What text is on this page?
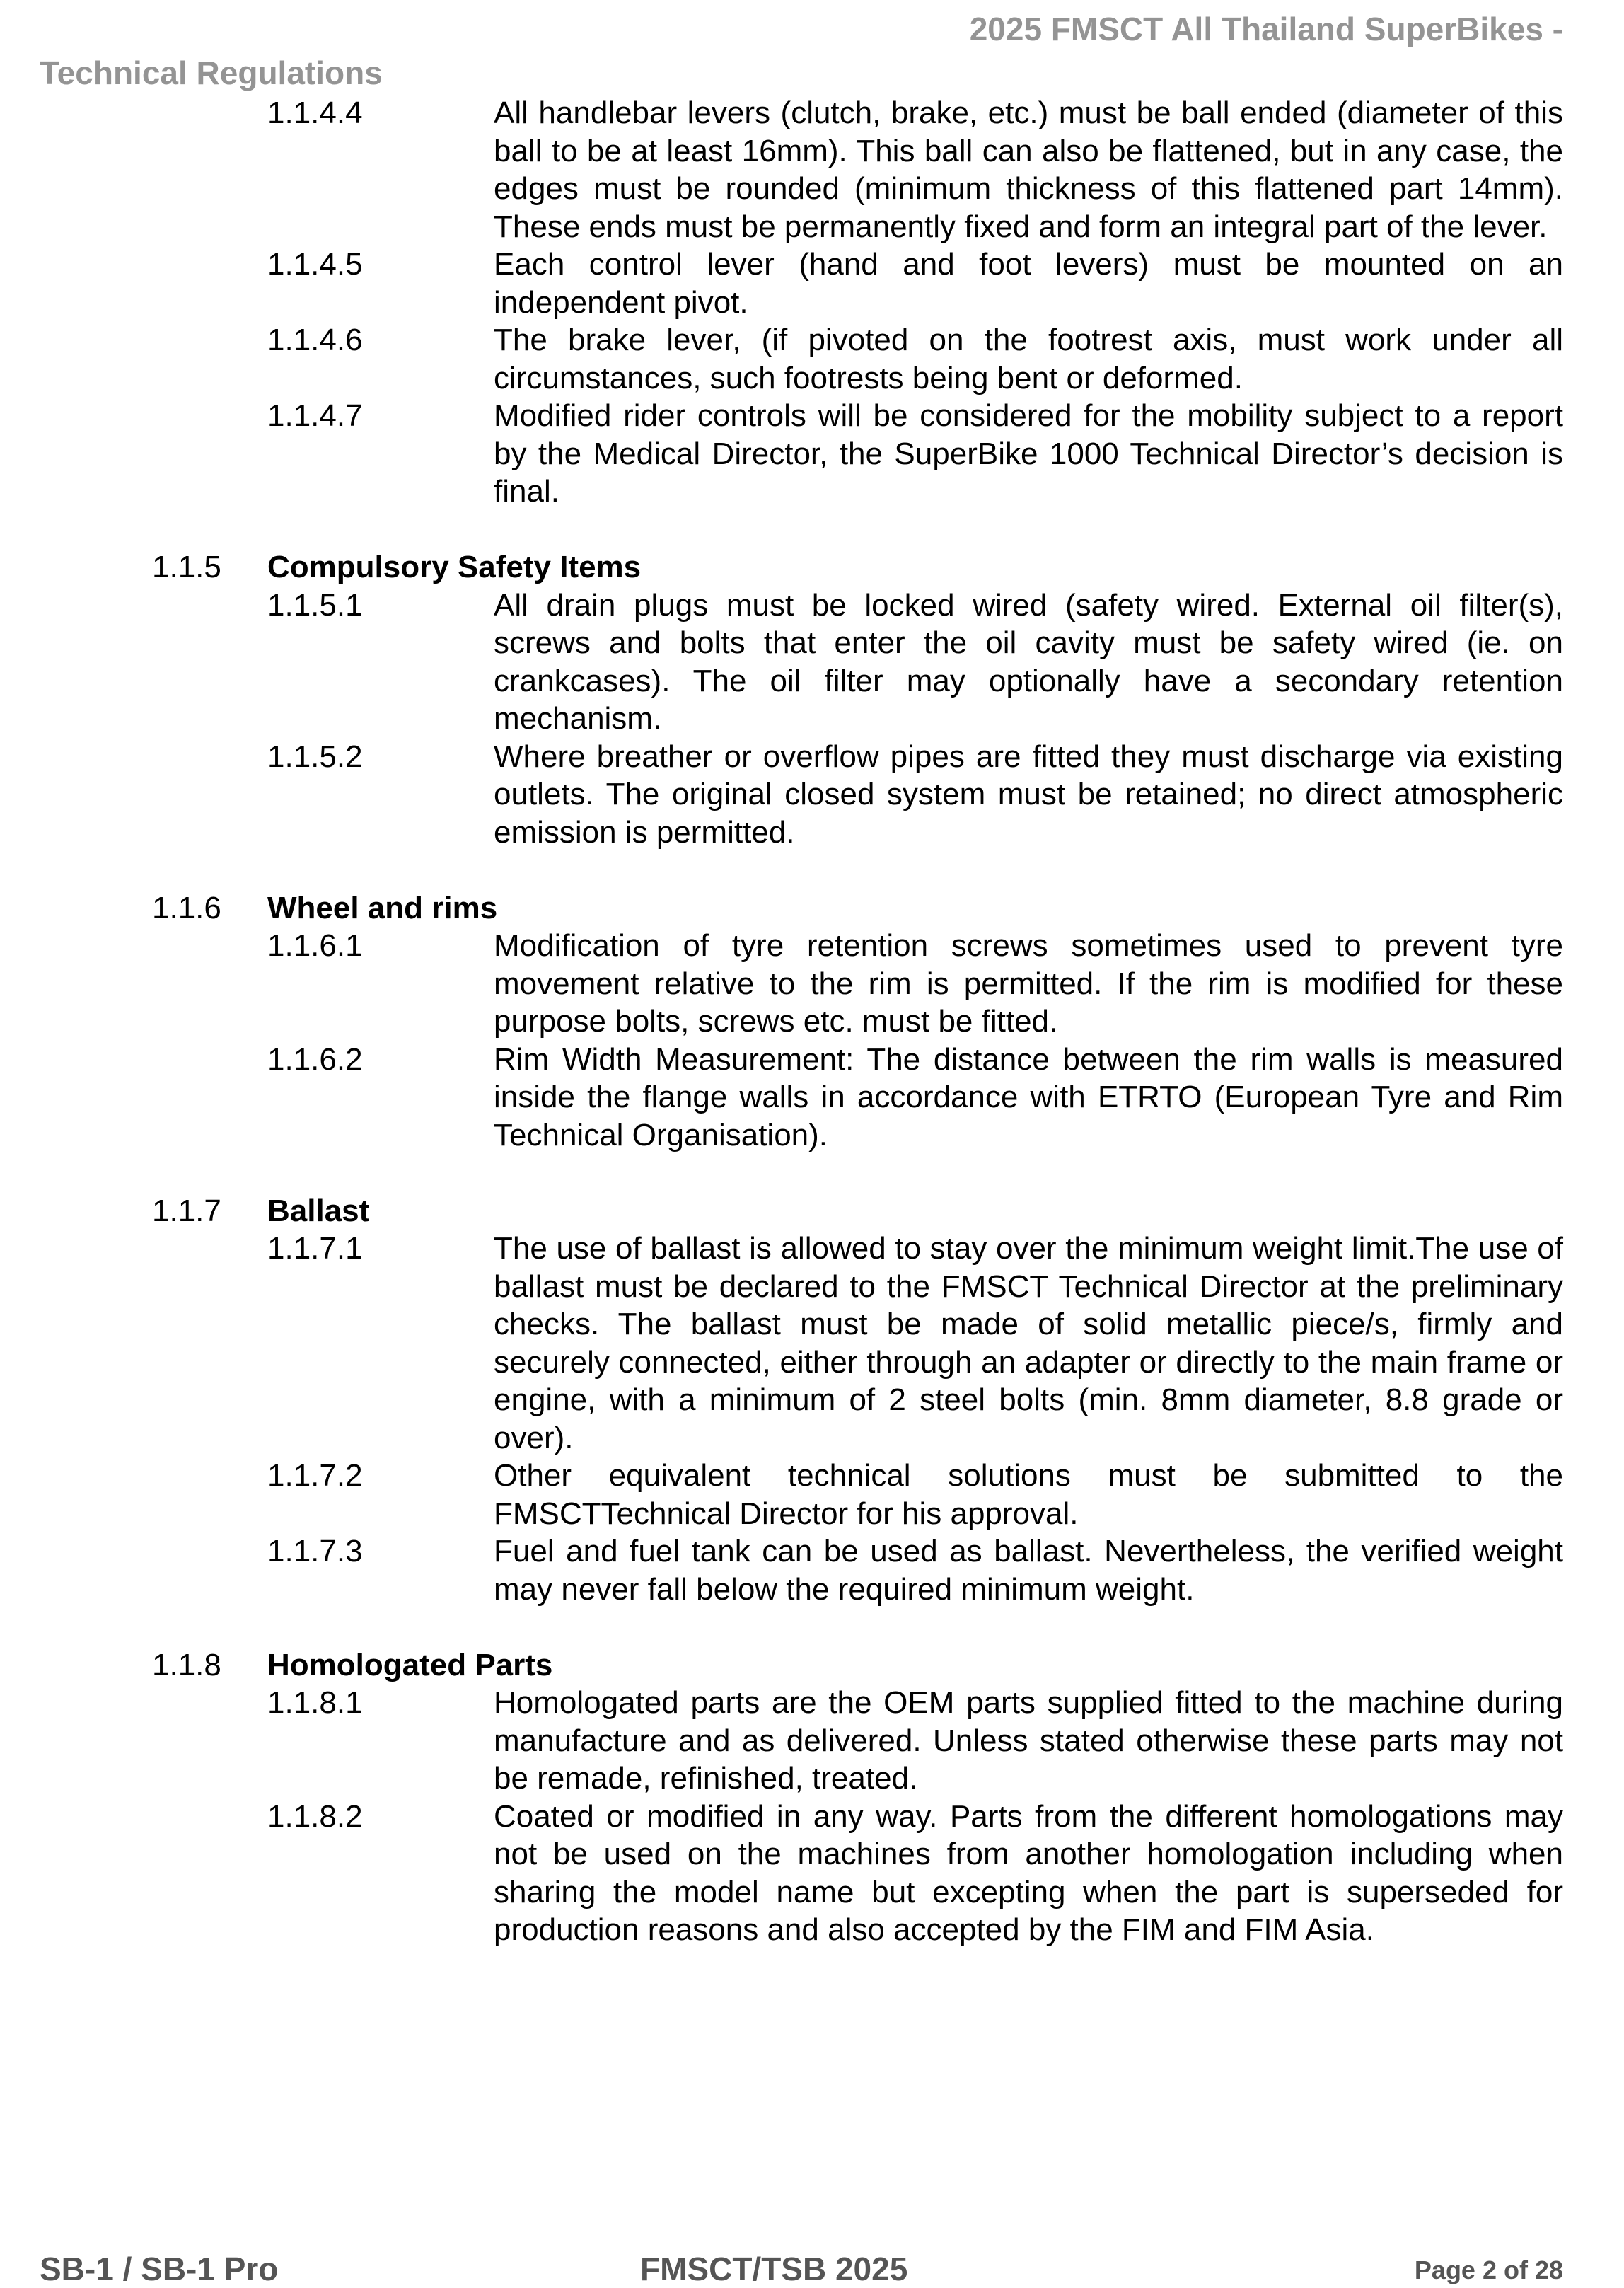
2025 FMSCT All Thailand SuperBikes -
Technical Regulations
1.1.4.4	All handlebar levers (clutch, brake, etc.) must be ball ended (diameter of this ball to be at least 16mm). This ball can also be flattened, but in any case, the edges must be rounded (minimum thickness of this flattened part 14mm). These ends must be permanently fixed and form an integral part of the lever.
1.1.4.5	Each control lever (hand and foot levers) must be mounted on an independent pivot.
1.1.4.6	The brake lever, (if pivoted on the footrest axis, must work under all circumstances, such footrests being bent or deformed.
1.1.4.7	Modified rider controls will be considered for the mobility subject to a report by the Medical Director, the SuperBike 1000 Technical Director’s decision is final.
1.1.5	Compulsory Safety Items
1.1.5.1	All drain plugs must be locked wired (safety wired. External oil filter(s), screws and bolts that enter the oil cavity must be safety wired (ie. on crankcases). The oil filter may optionally have a secondary retention mechanism.
1.1.5.2	Where breather or overflow pipes are fitted they must discharge via existing outlets. The original closed system must be retained; no direct atmospheric emission is permitted.
1.1.6	Wheel and rims
1.1.6.1	Modification of tyre retention screws sometimes used to prevent tyre movement relative to the rim is permitted. If the rim is modified for these purpose bolts, screws etc. must be fitted.
1.1.6.2	Rim Width Measurement: The distance between the rim walls is measured inside the flange walls in accordance with ETRTO (European Tyre and Rim Technical Organisation).
1.1.7	Ballast
1.1.7.1	The use of ballast is allowed to stay over the minimum weight limit.The use of ballast must be declared to the FMSCT Technical Director at the preliminary checks. The ballast must be made of solid metallic piece/s, firmly and securely connected, either through an adapter or directly to the main frame or engine, with a minimum of 2 steel bolts (min. 8mm diameter, 8.8 grade or over).
1.1.7.2	Other equivalent technical solutions must be submitted to the FMSCTTechnical Director for his approval.
1.1.7.3	Fuel and fuel tank can be used as ballast. Nevertheless, the verified weight may never fall below the required minimum weight.
1.1.8	Homologated Parts
1.1.8.1	Homologated parts are the OEM parts supplied fitted to the machine during manufacture and as delivered. Unless stated otherwise these parts may not be remade, refinished, treated.
1.1.8.2	Coated or modified in any way. Parts from the different homologations may not be used on the machines from another homologation including when sharing the model name but excepting when the part is superseded for production reasons and also accepted by the FIM and FIM Asia.
SB-1 / SB-1 Pro	FMSCT/TSB 2025	Page 2 of 28
